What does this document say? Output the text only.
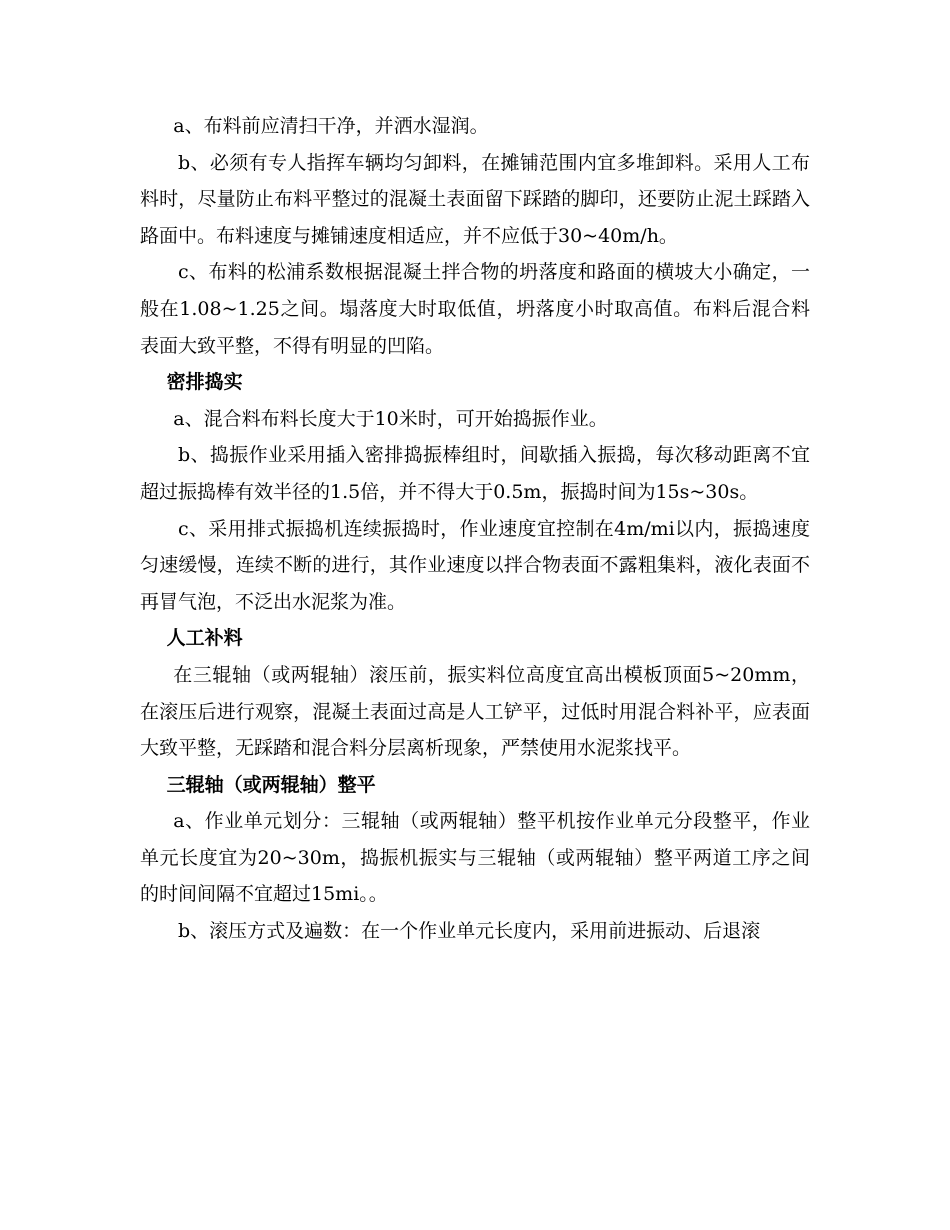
a、布料前应清扫干净，并洒水湿润。

b、必须有专人指挥车辆均匀卸料，在摊铺范围内宜多堆卸料。采用人工布料时，尽量防止布料平整过的混凝土表面留下踩踏的脚印，还要防止泥土踩踏入路面中。布料速度与摊铺速度相适应，并不应低于30~40m/h。

c、布料的松浦系数根据混凝土拌合物的坍落度和路面的横坡大小确定，一般在1.08~1.25之间。塌落度大时取低值，坍落度小时取高值。布料后混合料表面大致平整，不得有明显的凹陷。

密排捣实

a、混合料布料长度大于10米时，可开始捣振作业。

b、捣振作业采用插入密排捣振棒组时，间歇插入振捣，每次移动距离不宜超过振捣棒有效半径的1.5倍，并不得大于0.5m，振捣时间为15s~30s。

c、采用排式振捣机连续振捣时，作业速度宜控制在4m/mi以内，振捣速度匀速缓慢，连续不断的进行，其作业速度以拌合物表面不露粗集料，液化表面不再冒气泡，不泛出水泥浆为准。

人工补料

在三辊轴（或两辊轴）滚压前，振实料位高度宜高出模板顶面5~20mm，在滚压后进行观察，混凝土表面过高是人工铲平，过低时用混合料补平，应表面大致平整，无踩踏和混合料分层离析现象，严禁使用水泥浆找平。

三辊轴（或两辊轴）整平

a、作业单元划分：三辊轴（或两辊轴）整平机按作业单元分段整平，作业单元长度宜为20~30m，捣振机振实与三辊轴（或两辊轴）整平两道工序之间的时间间隔不宜超过15mi。。

b、滚压方式及遍数：在一个作业单元长度内，采用前进振动、后退滚
